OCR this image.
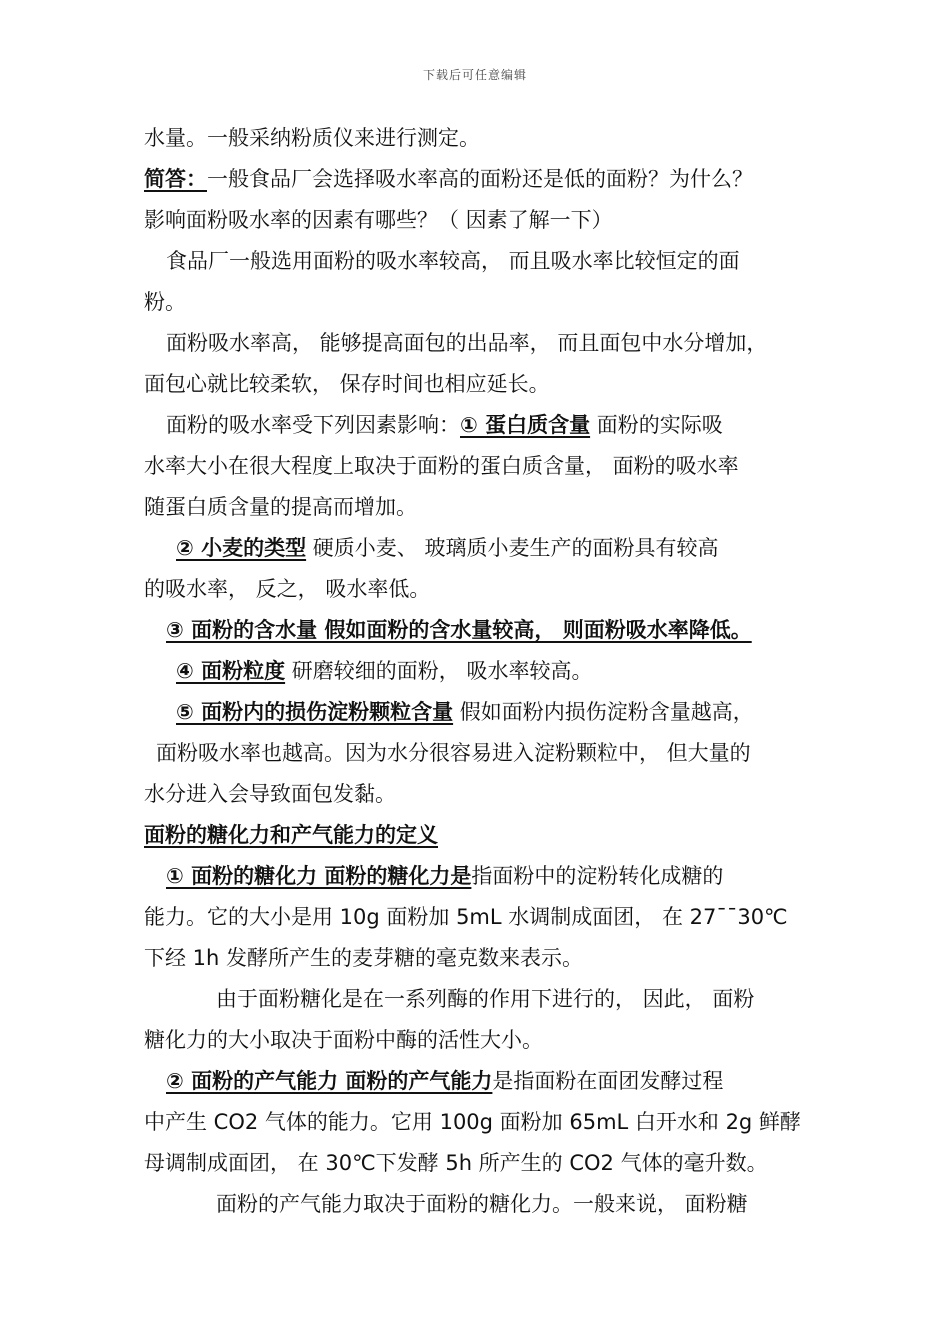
下载后可任意编辑
水量。一般采纳粉质仪来进行测定。
简答：一般食品厂会选择吸水率高的面粉还是低的面粉？为什么？
影响面粉吸水率的因素有哪些？（ 因素了解一下）
食品厂一般选用面粉的吸水率较高， 而且吸水率比较恒定的面
粉。
面粉吸水率高， 能够提高面包的出品率， 而且面包中水分增加，
面包心就比较柔软， 保存时间也相应延长。
面粉的吸水率受下列因素影响：① 蛋白质含量 面粉的实际吸
水率大小在很大程度上取决于面粉的蛋白质含量， 面粉的吸水率
随蛋白质含量的提高而增加。
② 小麦的类型 硬质小麦、 玻璃质小麦生产的面粉具有较高
的吸水率， 反之， 吸水率低。
③ 面粉的含水量 假如面粉的含水量较高， 则面粉吸水率降低。
④ 面粉粒度 研磨较细的面粉， 吸水率较高。
⑤ 面粉内的损伤淀粉颗粒含量 假如面粉内损伤淀粉含量越高，
面粉吸水率也越高。因为水分很容易进入淀粉颗粒中， 但大量的
水分进入会导致面包发黏。
面粉的糖化力和产气能力的定义
① 面粉的糖化力 面粉的糖化力是指面粉中的淀粉转化成糖的
能力。它的大小是用 10g 面粉加 5mL 水调制成面团， 在 27¯¯30℃
下经 1h 发酵所产生的麦芽糖的毫克数来表示。
由于面粉糖化是在一系列酶的作用下进行的， 因此， 面粉
糖化力的大小取决于面粉中酶的活性大小。
② 面粉的产气能力 面粉的产气能力是指面粉在面团发酵过程
中产生 CO2 气体的能力。它用 100g 面粉加 65mL 白开水和 2g 鲜酵
母调制成面团， 在 30℃下发酵 5h 所产生的 CO2 气体的毫升数。
面粉的产气能力取决于面粉的糖化力。一般来说， 面粉糖
